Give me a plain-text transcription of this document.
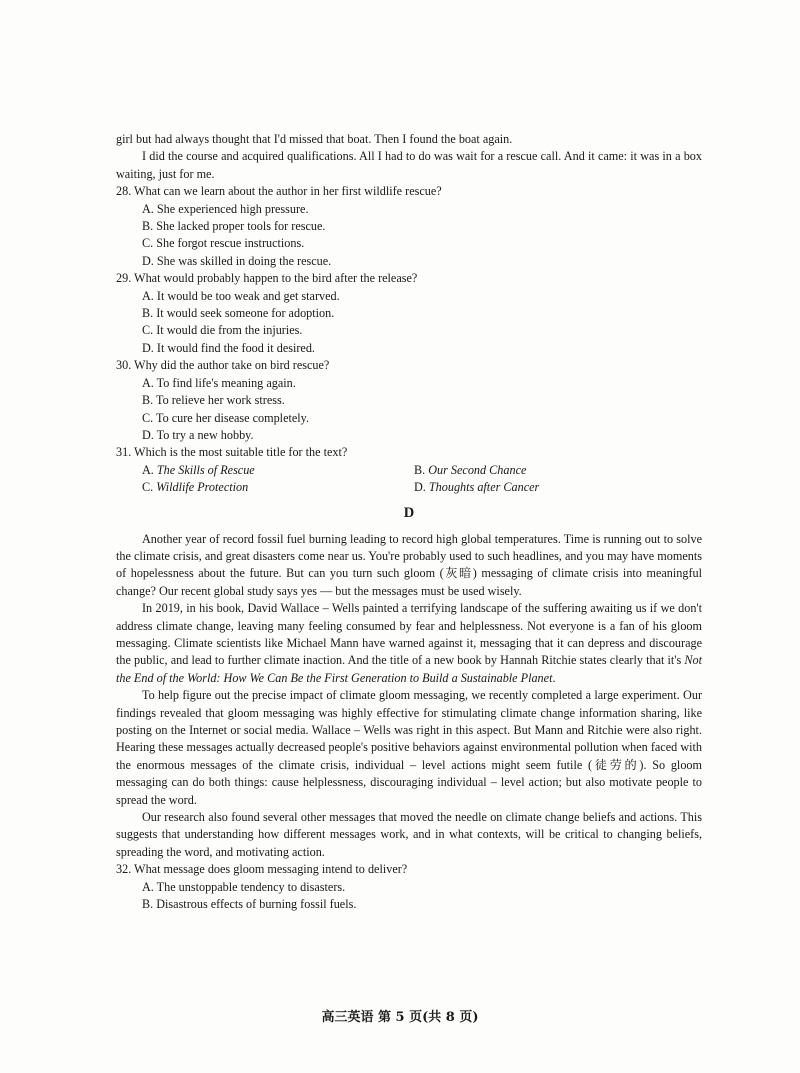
girl but had always thought that I'd missed that boat. Then I found the boat again.

I did the course and acquired qualifications. All I had to do was wait for a rescue call. And it came: it was in a box waiting, just for me.

28. What can we learn about the author in her first wildlife rescue?

A. She experienced high pressure.

B. She lacked proper tools for rescue.

C. She forgot rescue instructions.

D. She was skilled in doing the rescue.

29. What would probably happen to the bird after the release?

A. It would be too weak and get starved.

B. It would seek someone for adoption.

C. It would die from the injuries.

D. It would find the food it desired.

30. Why did the author take on bird rescue?

A. To find life's meaning again.

B. To relieve her work stress.

C. To cure her disease completely.

D. To try a new hobby.

31. Which is the most suitable title for the text?

A. The Skills of Rescue	B. Our Second Chance
C. Wildlife Protection	D. Thoughts after Cancer
D

Another year of record fossil fuel burning leading to record high global temperatures. Time is running out to solve the climate crisis, and great disasters come near us. You're probably used to such headlines, and you may have moments of hopelessness about the future. But can you turn such gloom (灰暗) messaging of climate crisis into meaningful change? Our recent global study says yes — but the messages must be used wisely.

In 2019, in his book, David Wallace – Wells painted a terrifying landscape of the suffering awaiting us if we don't address climate change, leaving many feeling consumed by fear and helplessness. Not everyone is a fan of his gloom messaging. Climate scientists like Michael Mann have warned against it, messaging that it can depress and discourage the public, and lead to further climate inaction. And the title of a new book by Hannah Ritchie states clearly that it's Not the End of the World: How We Can Be the First Generation to Build a Sustainable Planet.

To help figure out the precise impact of climate gloom messaging, we recently completed a large experiment. Our findings revealed that gloom messaging was highly effective for stimulating climate change information sharing, like posting on the Internet or social media. Wallace – Wells was right in this aspect. But Mann and Ritchie were also right. Hearing these messages actually decreased people's positive behaviors against environmental pollution when faced with the enormous messages of the climate crisis, individual – level actions might seem futile (徒劳的). So gloom messaging can do both things: cause helplessness, discouraging individual – level action; but also motivate people to spread the word.

Our research also found several other messages that moved the needle on climate change beliefs and actions. This suggests that understanding how different messages work, and in what contexts, will be critical to changing beliefs, spreading the word, and motivating action.

32. What message does gloom messaging intend to deliver?

A. The unstoppable tendency to disasters.

B. Disastrous effects of burning fossil fuels.

高三英语 第 5 页(共 8 页)
